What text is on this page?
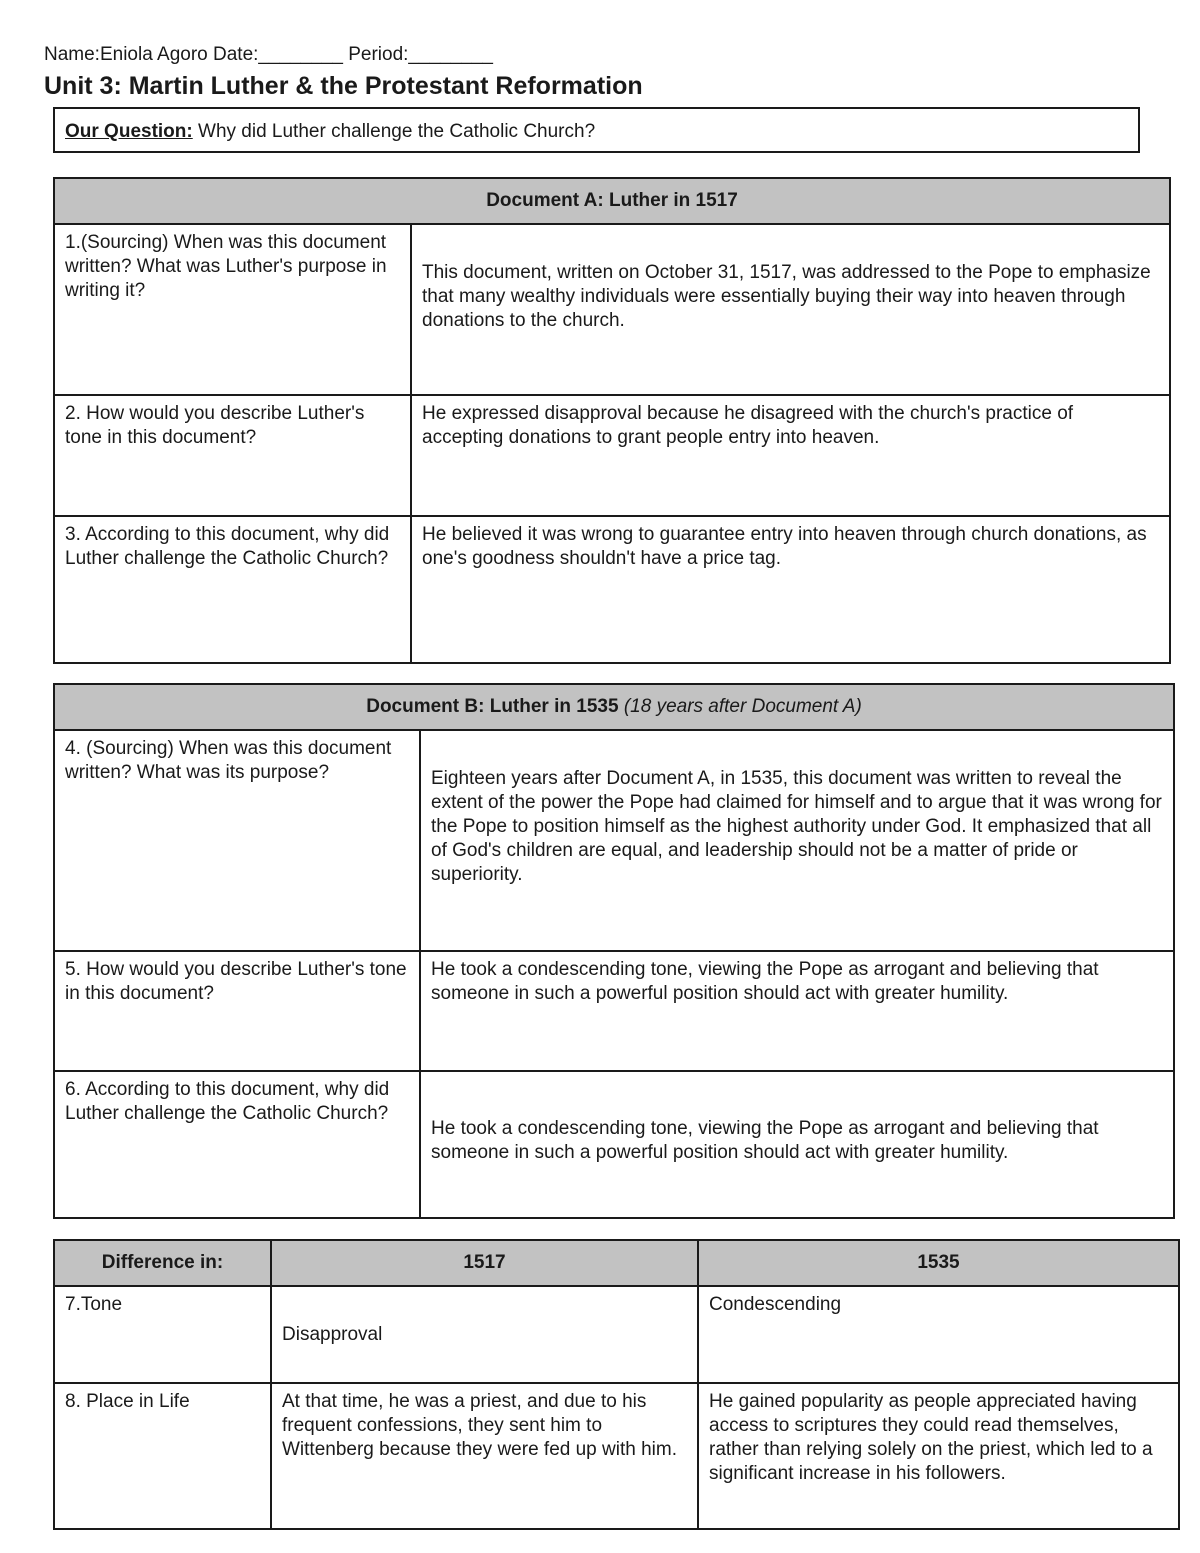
Name:Eniola Agoro Date:________ Period:________
Unit 3: Martin Luther & the Protestant Reformation
Our Question: Why did Luther challenge the Catholic Church?
Document A: Luther in 1517	
1.(Sourcing) When was this document written? What was Luther's purpose in writing it?	This document, written on October 31, 1517, was addressed to the Pope to emphasize that many wealthy individuals were essentially buying their way into heaven through donations to the church.
2. How would you describe Luther's tone in this document?	He expressed disapproval because he disagreed with the church's practice of accepting donations to grant people entry into heaven.
3. According to this document, why did Luther challenge the Catholic Church?	He believed it was wrong to guarantee entry into heaven through church donations, as one's goodness shouldn't have a price tag.
Document B: Luther in 1535 (18 years after Document A)	
4. (Sourcing) When was this document written? What was its purpose?	Eighteen years after Document A, in 1535, this document was written to reveal the extent of the power the Pope had claimed for himself and to argue that it was wrong for the Pope to position himself as the highest authority under God. It emphasized that all of God's children are equal, and leadership should not be a matter of pride or superiority.
5. How would you describe Luther's tone in this document?	He took a condescending tone, viewing the Pope as arrogant and believing that someone in such a powerful position should act with greater humility.
6. According to this document, why did Luther challenge the Catholic Church?	He took a condescending tone, viewing the Pope as arrogant and believing that someone in such a powerful position should act with greater humility.
Difference in:	1517	1535
7.Tone	Disapproval	Condescending
8. Place in Life	At that time, he was a priest, and due to his frequent confessions, they sent him to Wittenberg because they were fed up with him.	He gained popularity as people appreciated having access to scriptures they could read themselves, rather than relying solely on the priest, which led to a significant increase in his followers.
